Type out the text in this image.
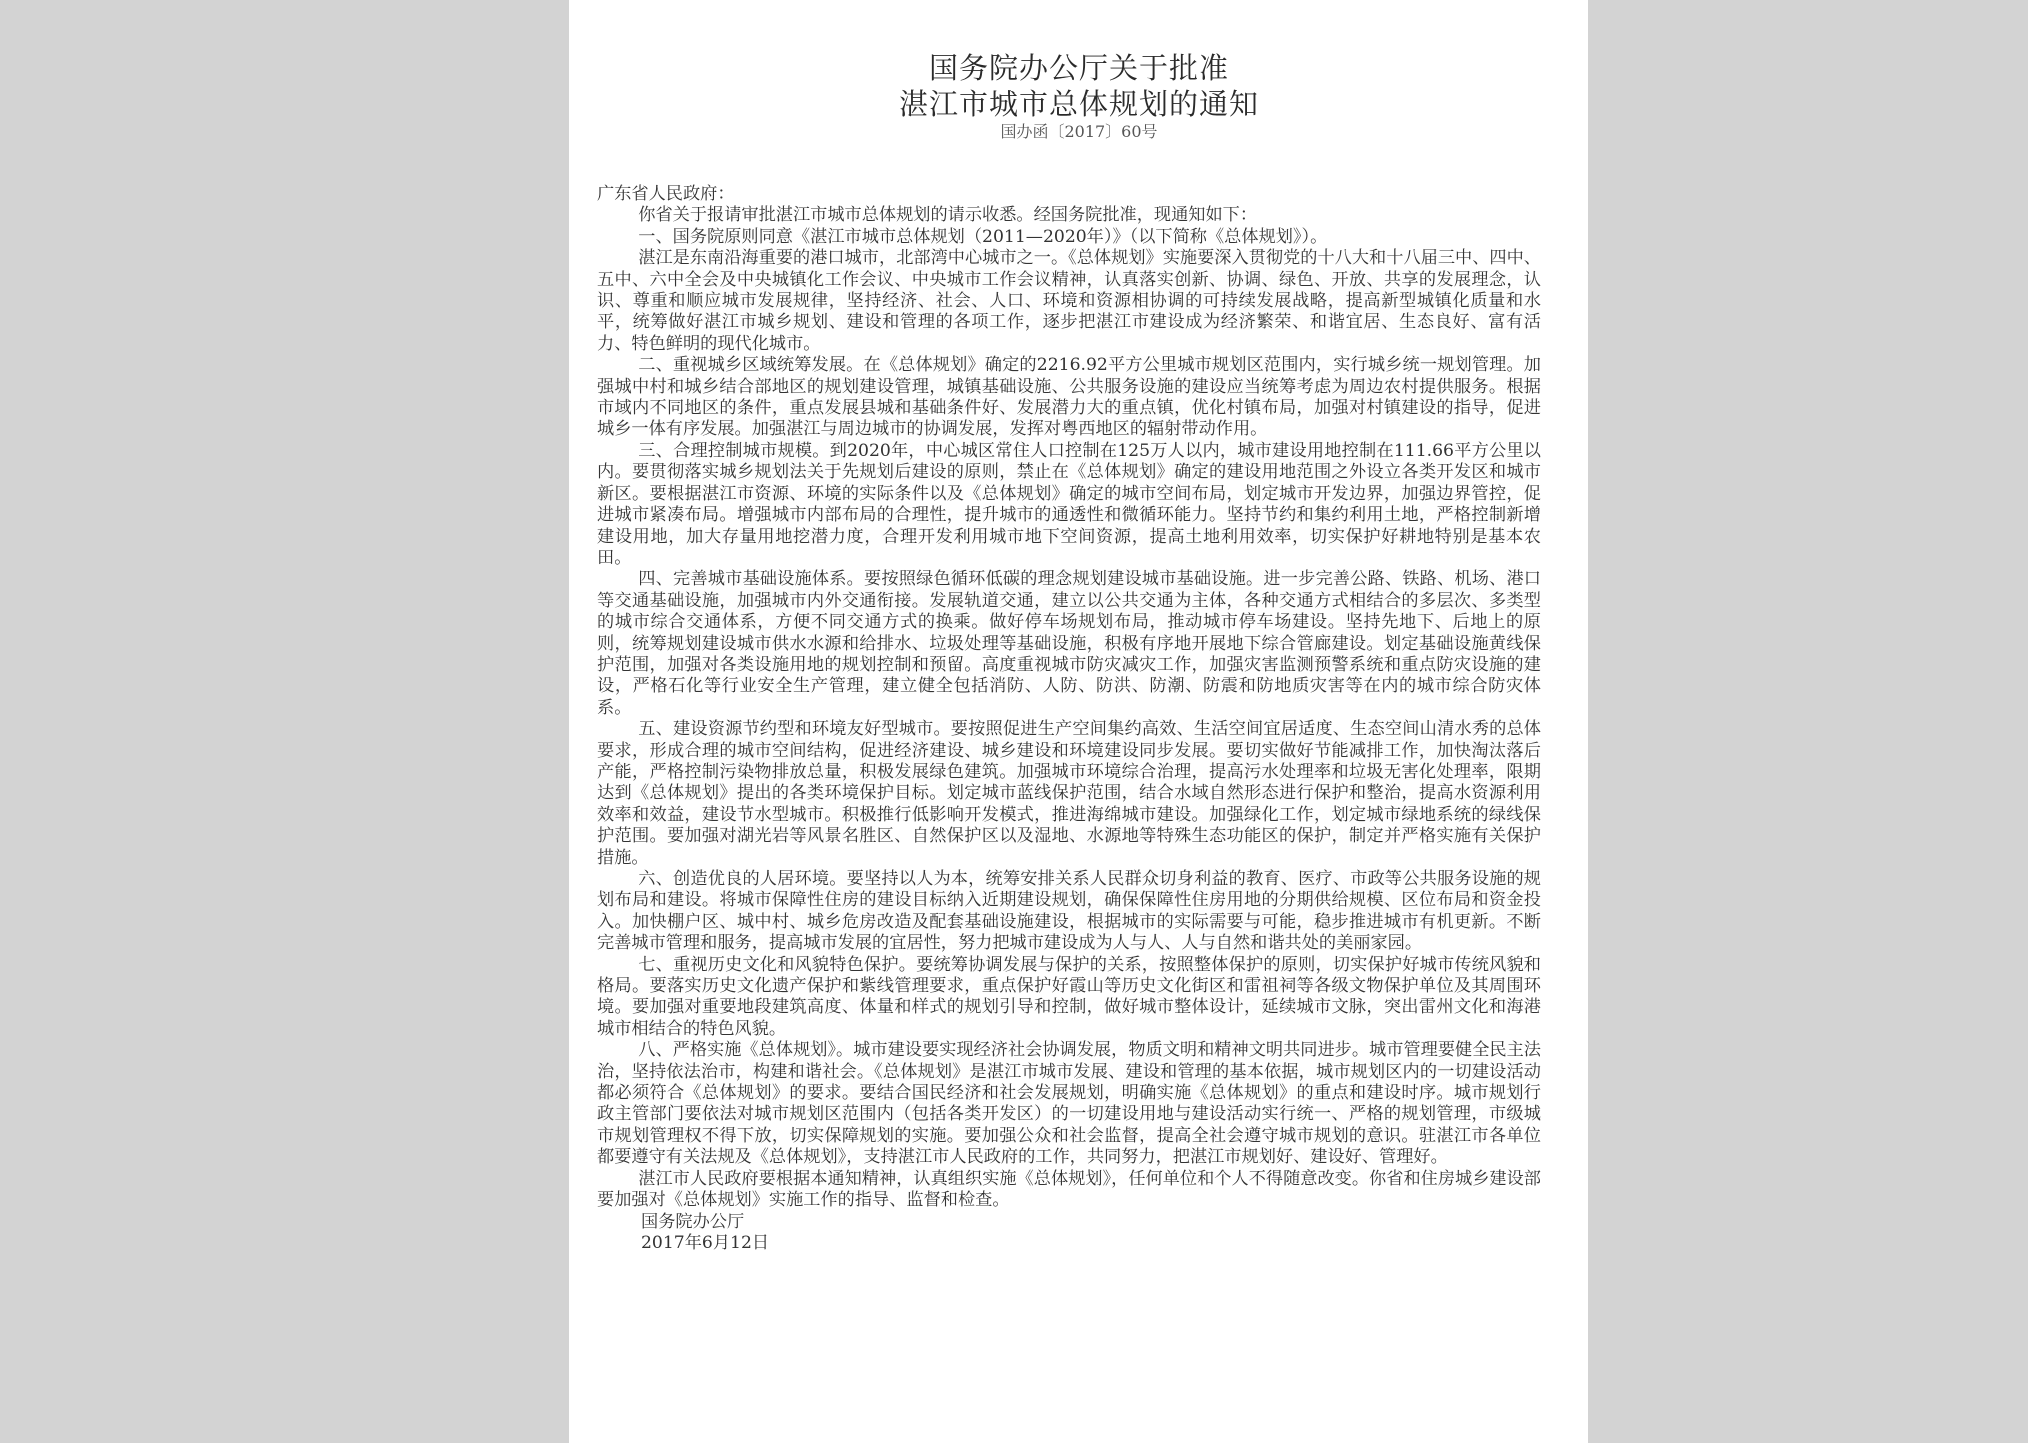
国务院办公厅关于批准
湛江市城市总体规划的通知
国办函〔2017〕60号

广东省人民政府：

你省关于报请审批湛江市城市总体规划的请示收悉。经国务院批准，现通知如下：

一、国务院原则同意《湛江市城市总体规划（2011—2020年）》（以下简称《总体规划》）。

湛江是东南沿海重要的港口城市，北部湾中心城市之一。《总体规划》实施要深入贯彻党的十八大和十八届三中、四中、五中、六中全会及中央城镇化工作会议、中央城市工作会议精神，认真落实创新、协调、绿色、开放、共享的发展理念，认识、尊重和顺应城市发展规律，坚持经济、社会、人口、环境和资源相协调的可持续发展战略，提高新型城镇化质量和水平，统筹做好湛江市城乡规划、建设和管理的各项工作，逐步把湛江市建设成为经济繁荣、和谐宜居、生态良好、富有活力、特色鲜明的现代化城市。

二、重视城乡区域统筹发展。在《总体规划》确定的2216.92平方公里城市规划区范围内，实行城乡统一规划管理。加强城中村和城乡结合部地区的规划建设管理，城镇基础设施、公共服务设施的建设应当统筹考虑为周边农村提供服务。根据市域内不同地区的条件，重点发展县城和基础条件好、发展潜力大的重点镇，优化村镇布局，加强对村镇建设的指导，促进城乡一体有序发展。加强湛江与周边城市的协调发展，发挥对粤西地区的辐射带动作用。

三、合理控制城市规模。到2020年，中心城区常住人口控制在125万人以内，城市建设用地控制在111.66平方公里以内。要贯彻落实城乡规划法关于先规划后建设的原则，禁止在《总体规划》确定的建设用地范围之外设立各类开发区和城市新区。要根据湛江市资源、环境的实际条件以及《总体规划》确定的城市空间布局，划定城市开发边界，加强边界管控，促进城市紧凑布局。增强城市内部布局的合理性，提升城市的通透性和微循环能力。坚持节约和集约利用土地，严格控制新增建设用地，加大存量用地挖潜力度，合理开发利用城市地下空间资源，提高土地利用效率，切实保护好耕地特别是基本农田。

四、完善城市基础设施体系。要按照绿色循环低碳的理念规划建设城市基础设施。进一步完善公路、铁路、机场、港口等交通基础设施，加强城市内外交通衔接。发展轨道交通，建立以公共交通为主体，各种交通方式相结合的多层次、多类型的城市综合交通体系，方便不同交通方式的换乘。做好停车场规划布局，推动城市停车场建设。坚持先地下、后地上的原则，统筹规划建设城市供水水源和给排水、垃圾处理等基础设施，积极有序地开展地下综合管廊建设。划定基础设施黄线保护范围，加强对各类设施用地的规划控制和预留。高度重视城市防灾减灾工作，加强灾害监测预警系统和重点防灾设施的建设，严格石化等行业安全生产管理，建立健全包括消防、人防、防洪、防潮、防震和防地质灾害等在内的城市综合防灾体系。

五、建设资源节约型和环境友好型城市。要按照促进生产空间集约高效、生活空间宜居适度、生态空间山清水秀的总体要求，形成合理的城市空间结构，促进经济建设、城乡建设和环境建设同步发展。要切实做好节能减排工作，加快淘汰落后产能，严格控制污染物排放总量，积极发展绿色建筑。加强城市环境综合治理，提高污水处理率和垃圾无害化处理率，限期达到《总体规划》提出的各类环境保护目标。划定城市蓝线保护范围，结合水域自然形态进行保护和整治，提高水资源利用效率和效益，建设节水型城市。积极推行低影响开发模式，推进海绵城市建设。加强绿化工作，划定城市绿地系统的绿线保护范围。要加强对湖光岩等风景名胜区、自然保护区以及湿地、水源地等特殊生态功能区的保护，制定并严格实施有关保护措施。

六、创造优良的人居环境。要坚持以人为本，统筹安排关系人民群众切身利益的教育、医疗、市政等公共服务设施的规划布局和建设。将城市保障性住房的建设目标纳入近期建设规划，确保保障性住房用地的分期供给规模、区位布局和资金投入。加快棚户区、城中村、城乡危房改造及配套基础设施建设，根据城市的实际需要与可能，稳步推进城市有机更新。不断完善城市管理和服务，提高城市发展的宜居性，努力把城市建设成为人与人、人与自然和谐共处的美丽家园。

七、重视历史文化和风貌特色保护。要统筹协调发展与保护的关系，按照整体保护的原则，切实保护好城市传统风貌和格局。要落实历史文化遗产保护和紫线管理要求，重点保护好霞山等历史文化街区和雷祖祠等各级文物保护单位及其周围环境。要加强对重要地段建筑高度、体量和样式的规划引导和控制，做好城市整体设计，延续城市文脉，突出雷州文化和海港城市相结合的特色风貌。

八、严格实施《总体规划》。城市建设要实现经济社会协调发展，物质文明和精神文明共同进步。城市管理要健全民主法治，坚持依法治市，构建和谐社会。《总体规划》是湛江市城市发展、建设和管理的基本依据，城市规划区内的一切建设活动都必须符合《总体规划》的要求。要结合国民经济和社会发展规划，明确实施《总体规划》的重点和建设时序。城市规划行政主管部门要依法对城市规划区范围内（包括各类开发区）的一切建设用地与建设活动实行统一、严格的规划管理，市级城市规划管理权不得下放，切实保障规划的实施。要加强公众和社会监督，提高全社会遵守城市规划的意识。驻湛江市各单位都要遵守有关法规及《总体规划》，支持湛江市人民政府的工作，共同努力，把湛江市规划好、建设好、管理好。

湛江市人民政府要根据本通知精神，认真组织实施《总体规划》，任何单位和个人不得随意改变。你省和住房城乡建设部要加强对《总体规划》实施工作的指导、监督和检查。

国务院办公厅

2017年6月12日
